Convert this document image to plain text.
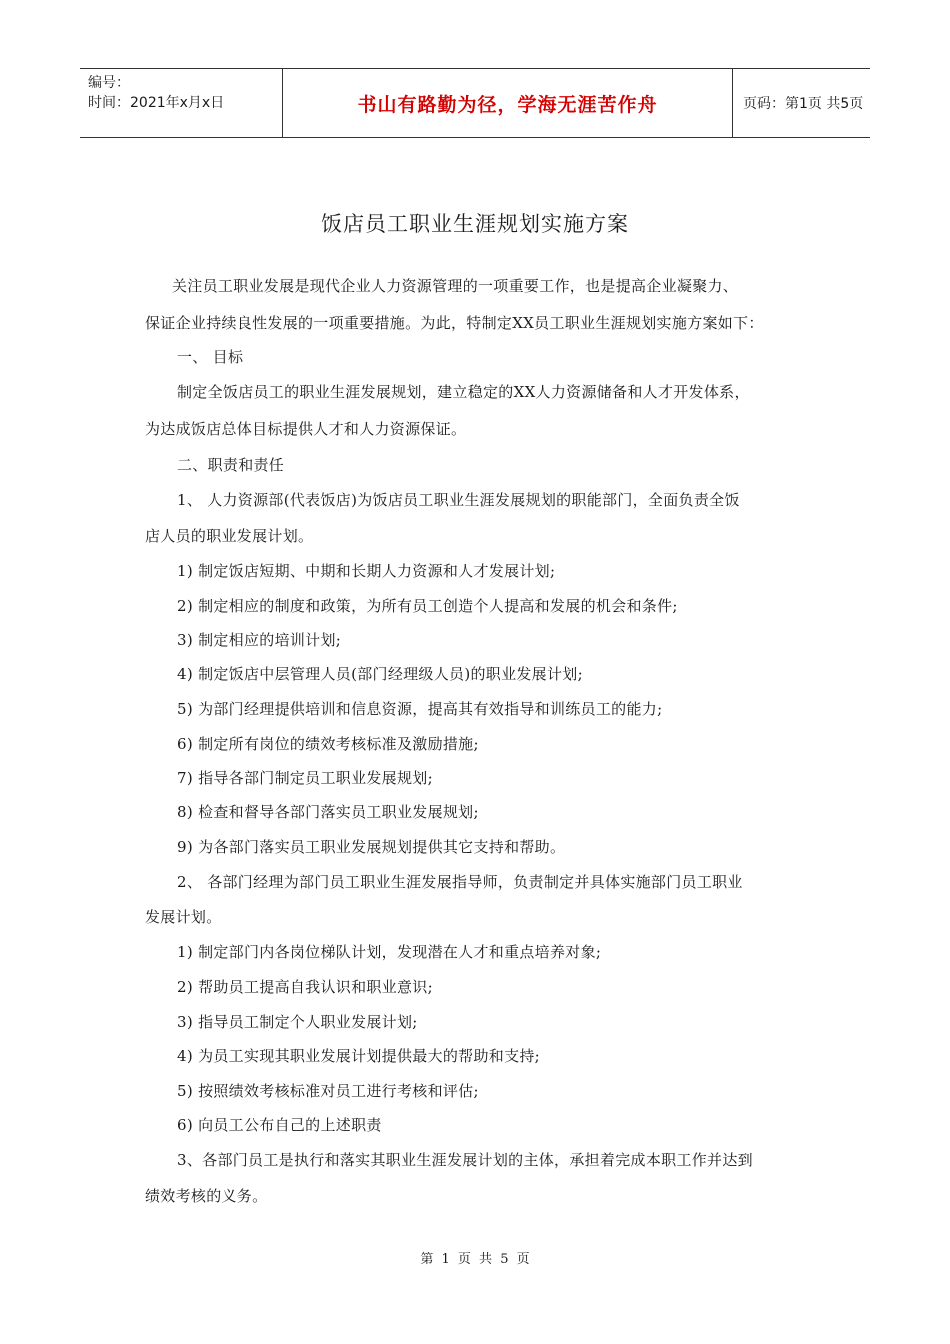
编号：
时间：2021年x月x日	书山有路勤为径，学海无涯苦作舟	页码：第1页 共5页
饭店员工职业生涯规划实施方案
关注员工职业发展是现代企业人力资源管理的一项重要工作，也是提高企业凝聚力、
保证企业持续良性发展的一项重要措施。为此，特制定XX员工职业生涯规划实施方案如下：
一、 目标
制定全饭店员工的职业生涯发展规划，建立稳定的XX人力资源储备和人才开发体系，
为达成饭店总体目标提供人才和人力资源保证。
二、职责和责任
1、 人力资源部(代表饭店)为饭店员工职业生涯发展规划的职能部门，全面负责全饭
店人员的职业发展计划。
1) 制定饭店短期、中期和长期人力资源和人才发展计划;
2) 制定相应的制度和政策，为所有员工创造个人提高和发展的机会和条件;
3) 制定相应的培训计划;
4) 制定饭店中层管理人员(部门经理级人员)的职业发展计划;
5) 为部门经理提供培训和信息资源，提高其有效指导和训练员工的能力;
6) 制定所有岗位的绩效考核标准及激励措施;
7) 指导各部门制定员工职业发展规划;
8) 检查和督导各部门落实员工职业发展规划;
9) 为各部门落实员工职业发展规划提供其它支持和帮助。
2、 各部门经理为部门员工职业生涯发展指导师，负责制定并具体实施部门员工职业
发展计划。
1) 制定部门内各岗位梯队计划，发现潜在人才和重点培养对象;
2) 帮助员工提高自我认识和职业意识;
3) 指导员工制定个人职业发展计划;
4) 为员工实现其职业发展计划提供最大的帮助和支持;
5) 按照绩效考核标准对员工进行考核和评估;
6) 向员工公布自己的上述职责
3、各部门员工是执行和落实其职业生涯发展计划的主体，承担着完成本职工作并达到
绩效考核的义务。
第 1 页 共 5 页
